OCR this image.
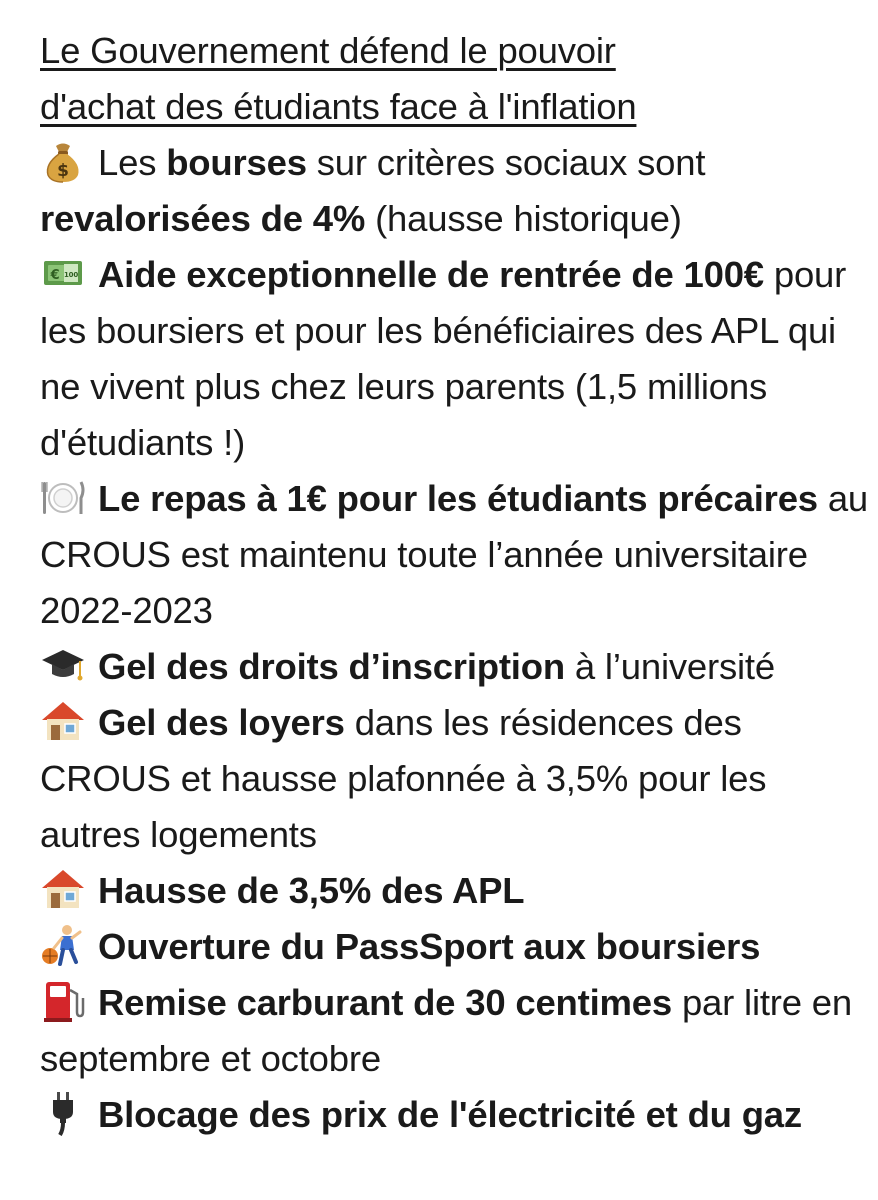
Le Gouvernement défend le pouvoir
d'achat des étudiants face à l'inflation

$ Les bourses sur critères sociaux sont revalorisées de 4% (hausse historique)

€ 100 Aide exceptionnelle de rentrée de 100€ pour les boursiers et pour les bénéficiaires des APL qui ne vivent plus chez leurs parents (1,5 millions d'étudiants !)

Le repas à 1€ pour les étudiants précaires au CROUS est maintenu toute l’année universitaire 2022-2023

Gel des droits d’inscription à l’université

Gel des loyers dans les résidences des CROUS et hausse plafonnée à 3,5% pour les autres logements

Hausse de 3,5% des APL

Ouverture du PassSport aux boursiers

Remise carburant de 30 centimes par litre en septembre et octobre

Blocage des prix de l'électricité et du gaz
